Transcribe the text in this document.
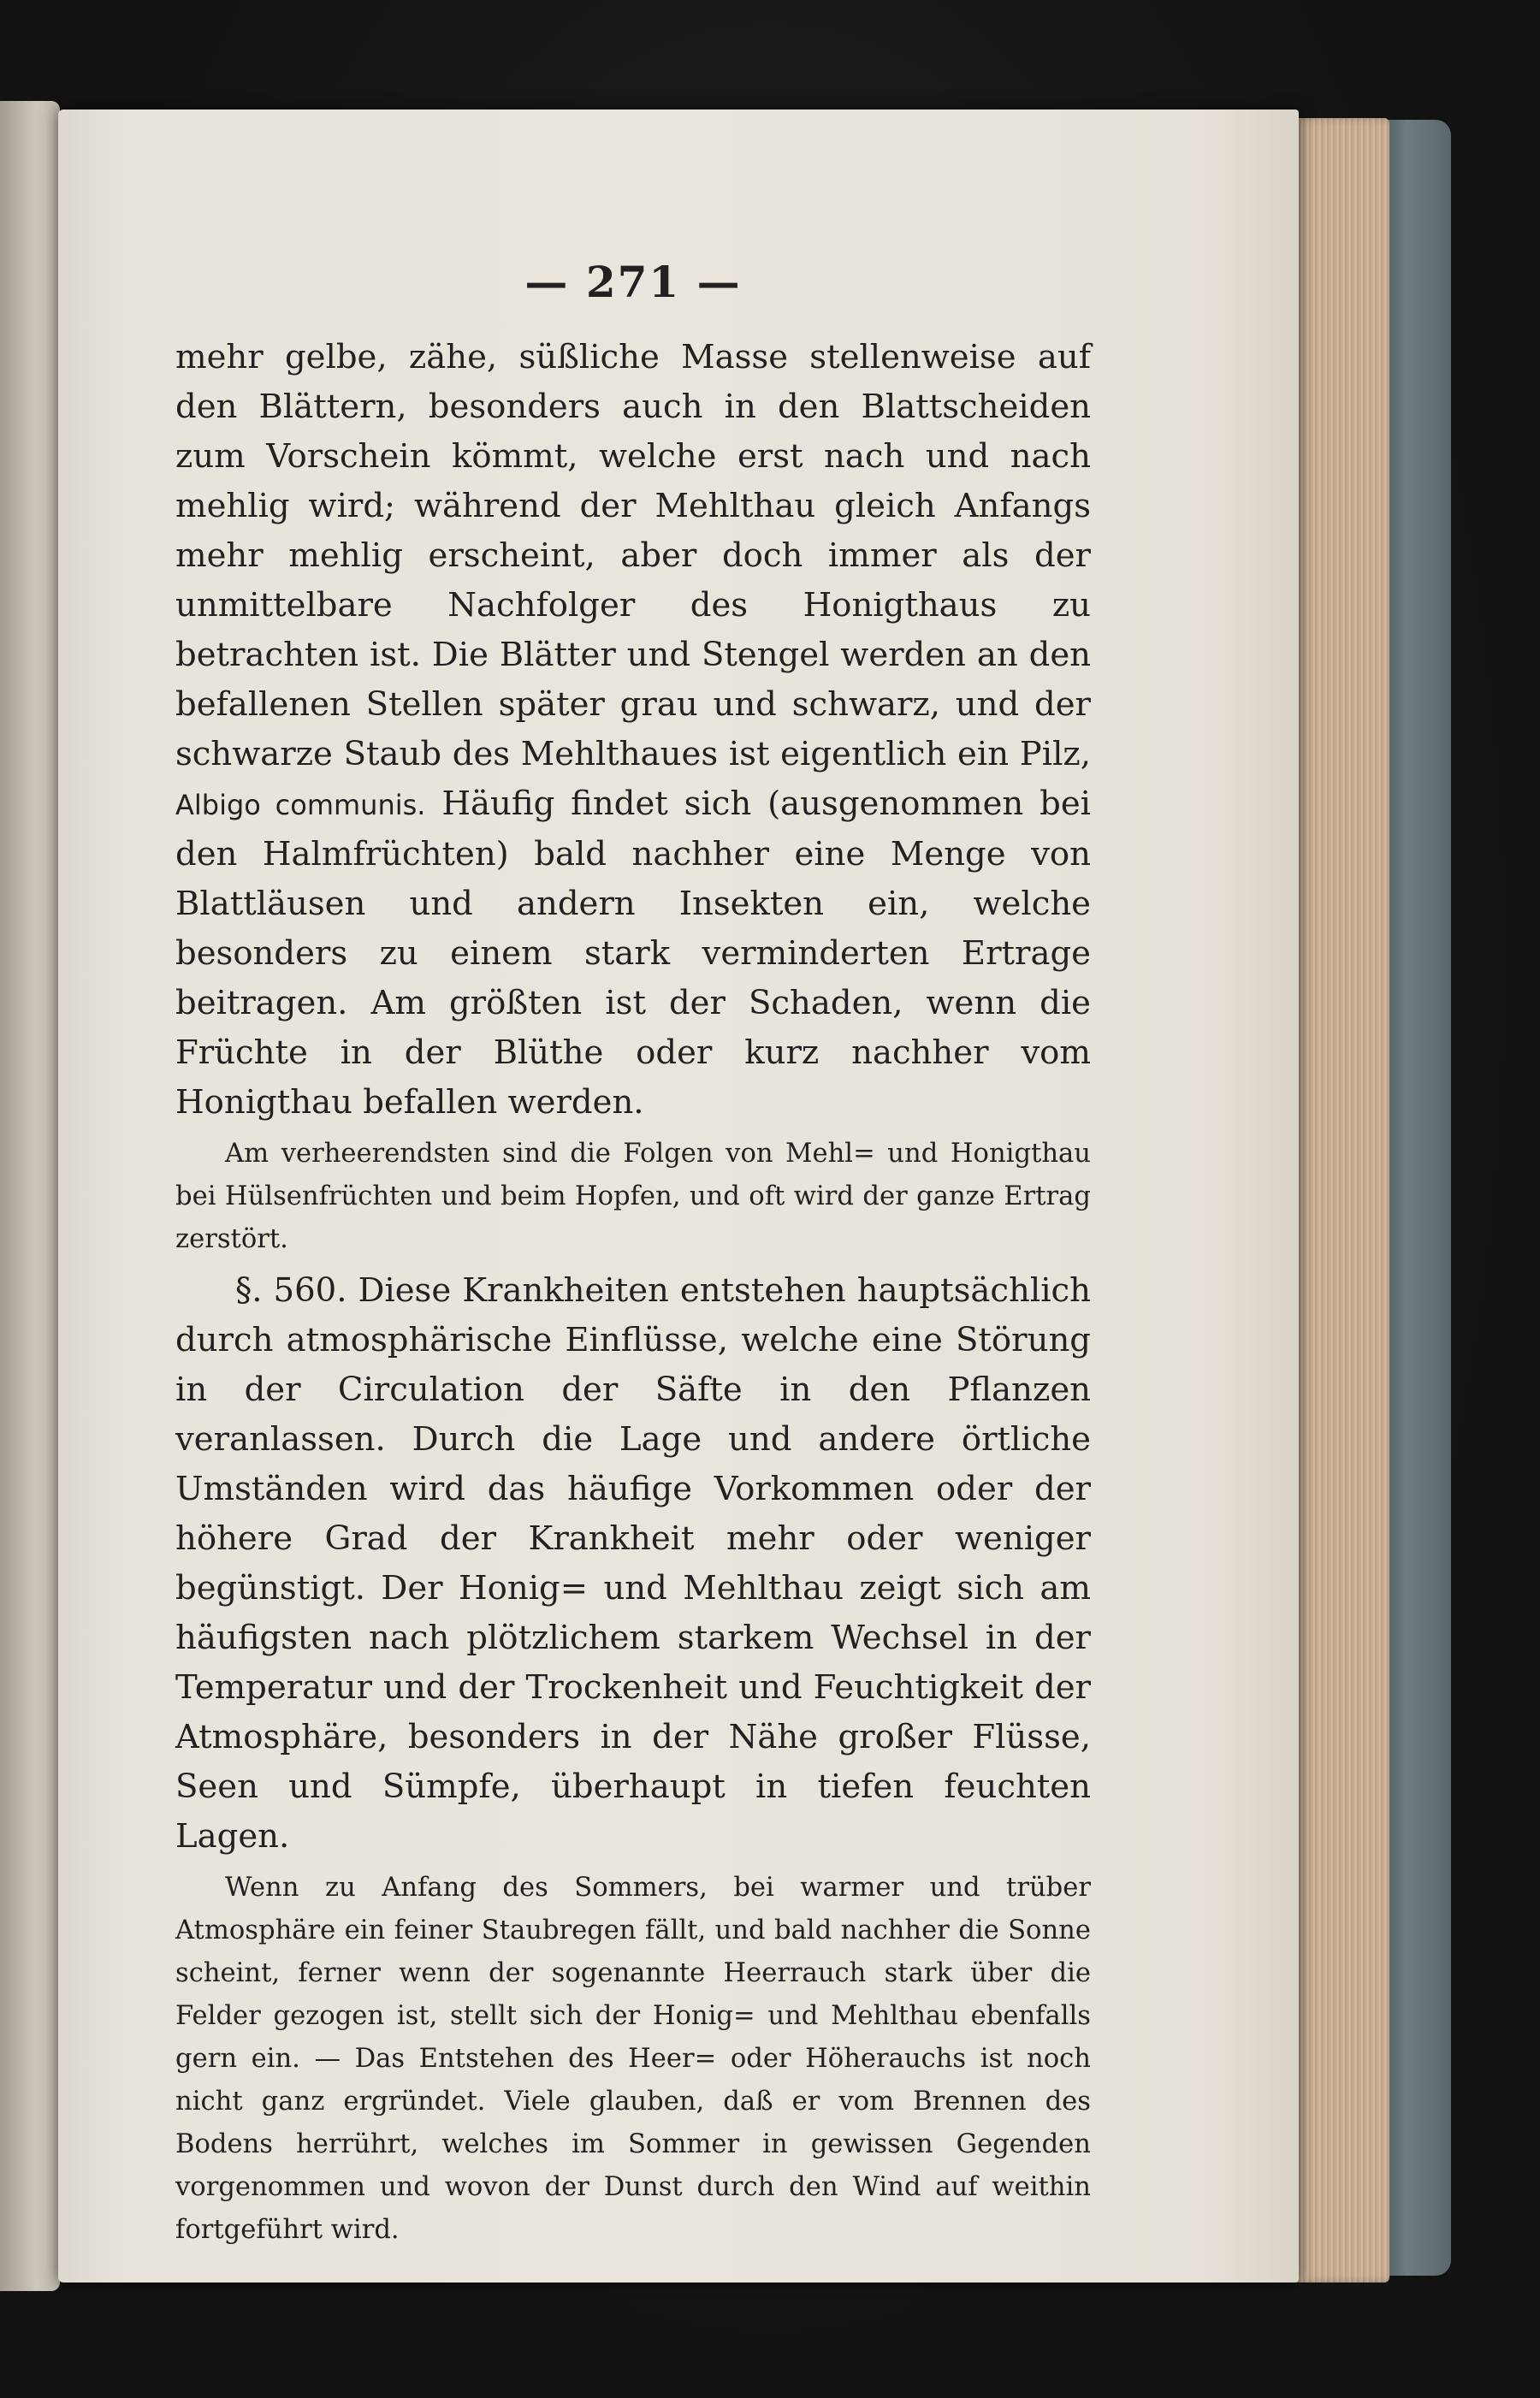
— 271 —

mehr gelbe, zähe, süßliche Masse stellenweise auf den Blättern, besonders auch in den Blattscheiden zum Vorschein kömmt, welche erst nach und nach mehlig wird; während der Mehlthau gleich Anfangs mehr mehlig erscheint, aber doch immer als der unmittelbare Nachfolger des Honigthaus zu betrachten ist. Die Blätter und Stengel werden an den befallenen Stellen später grau und schwarz, und der schwarze Staub des Mehlthaues ist eigentlich ein Pilz, Albigo communis. Häufig findet sich (ausgenommen bei den Halmfrüchten) bald nachher eine Menge von Blattläusen und andern Insekten ein, welche besonders zu einem stark verminderten Ertrage beitragen. Am größten ist der Schaden, wenn die Früchte in der Blüthe oder kurz nachher vom Honigthau befallen werden.

Am verheerendsten sind die Folgen von Mehl= und Honigthau bei Hülsenfrüchten und beim Hopfen, und oft wird der ganze Ertrag zerstört.

§. 560. Diese Krankheiten entstehen hauptsächlich durch atmosphärische Einflüsse, welche eine Störung in der Circulation der Säfte in den Pflanzen veranlassen. Durch die Lage und andere örtliche Umständen wird das häufige Vorkommen oder der höhere Grad der Krankheit mehr oder weniger begünstigt. Der Honig= und Mehlthau zeigt sich am häufigsten nach plötzlichem starkem Wechsel in der Temperatur und der Trockenheit und Feuchtigkeit der Atmosphäre, besonders in der Nähe großer Flüsse, Seen und Sümpfe, überhaupt in tiefen feuchten Lagen.

Wenn zu Anfang des Sommers, bei warmer und trüber Atmosphäre ein feiner Staubregen fällt, und bald nachher die Sonne scheint, ferner wenn der sogenannte Heerrauch stark über die Felder gezogen ist, stellt sich der Honig= und Mehlthau ebenfalls gern ein. — Das Entstehen des Heer= oder Höherauchs ist noch nicht ganz ergründet. Viele glauben, daß er vom Brennen des Bodens herrührt, welches im Sommer in gewissen Gegenden vorgenommen und wovon der Dunst durch den Wind auf weithin fortgeführt wird.
